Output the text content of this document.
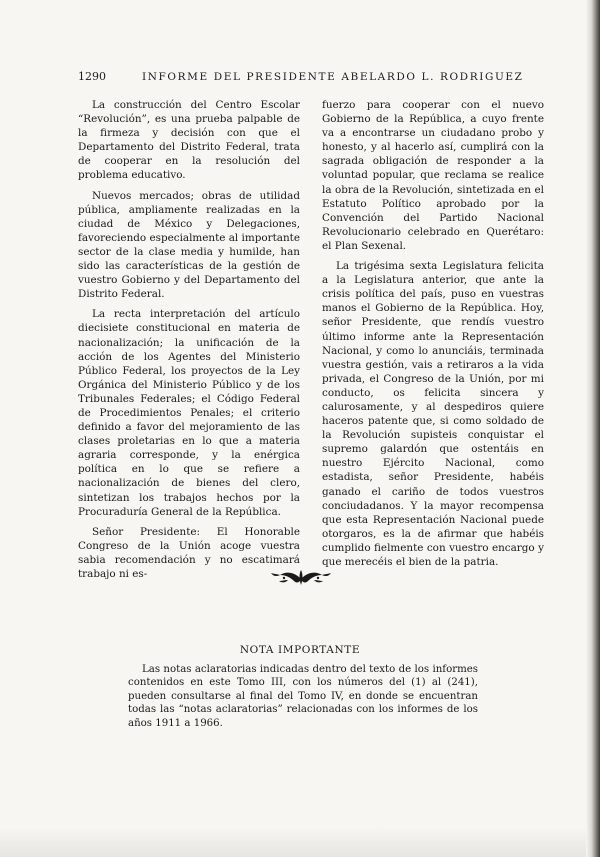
1290	INFORME DEL PRESIDENTE ABELARDO L. RODRIGUEZ

La construcción del Centro Escolar “Revolución”, es una prueba palpable de la firmeza y decisión con que el Departamento del Distrito Federal, trata de cooperar en la resolución del problema educativo.

Nuevos mercados; obras de utilidad pública, ampliamente realizadas en la ciudad de México y Delegaciones, favoreciendo especialmente al importante sector de la clase media y humilde, han sido las características de la gestión de vuestro Gobierno y del Departamento del Distrito Federal.

La recta interpretación del artículo diecisiete constitucional en materia de nacionalización; la unificación de la acción de los Agentes del Ministerio Público Federal, los proyectos de la Ley Orgánica del Ministerio Público y de los Tribunales Federales; el Código Federal de Procedimientos Penales; el criterio definido a favor del mejoramiento de las clases proletarias en lo que a materia agraria corresponde, y la enérgica política en lo que se refiere a nacionalización de bienes del clero, sintetizan los trabajos hechos por la Procuraduría General de la República.

Señor Presidente: El Honorable Congreso de la Unión acoge vuestra sabia recomendación y no escatimará trabajo ni es-

fuerzo para cooperar con el nuevo Gobierno de la República, a cuyo frente va a encontrarse un ciudadano probo y honesto, y al hacerlo así, cumplirá con la sagrada obligación de responder a la voluntad popular, que reclama se realice la obra de la Revolución, sintetizada en el Estatuto Político aprobado por la Convención del Partido Nacional Revolucionario celebrado en Querétaro: el Plan Sexenal.

La trigésima sexta Legislatura felicita a la Legislatura anterior, que ante la crisis política del país, puso en vuestras manos el Gobierno de la República. Hoy, señor Presidente, que rendís vuestro último informe ante la Representación Nacional, y como lo anunciáis, terminada vuestra gestión, vais a retiraros a la vida privada, el Congreso de la Unión, por mi conducto, os felicita sincera y calurosamente, y al despediros quiere haceros patente que, si como soldado de la Revolución supisteis conquistar el supremo galardón que ostentáis en nuestro Ejército Nacional, como estadista, señor Presidente, habéis ganado el cariño de todos vuestros conciudadanos. Y la mayor recompensa que esta Representación Nacional puede otorgaros, es la de afirmar que habéis cumplido fielmente con vuestro encargo y que merecéis el bien de la patria.

NOTA IMPORTANTE

Las notas aclaratorias indicadas dentro del texto de los informes contenidos en este Tomo III, con los números del (1) al (241), pueden consultarse al final del Tomo IV, en donde se encuentran todas las “notas aclaratorias” relacionadas con los informes de los años 1911 a 1966.
